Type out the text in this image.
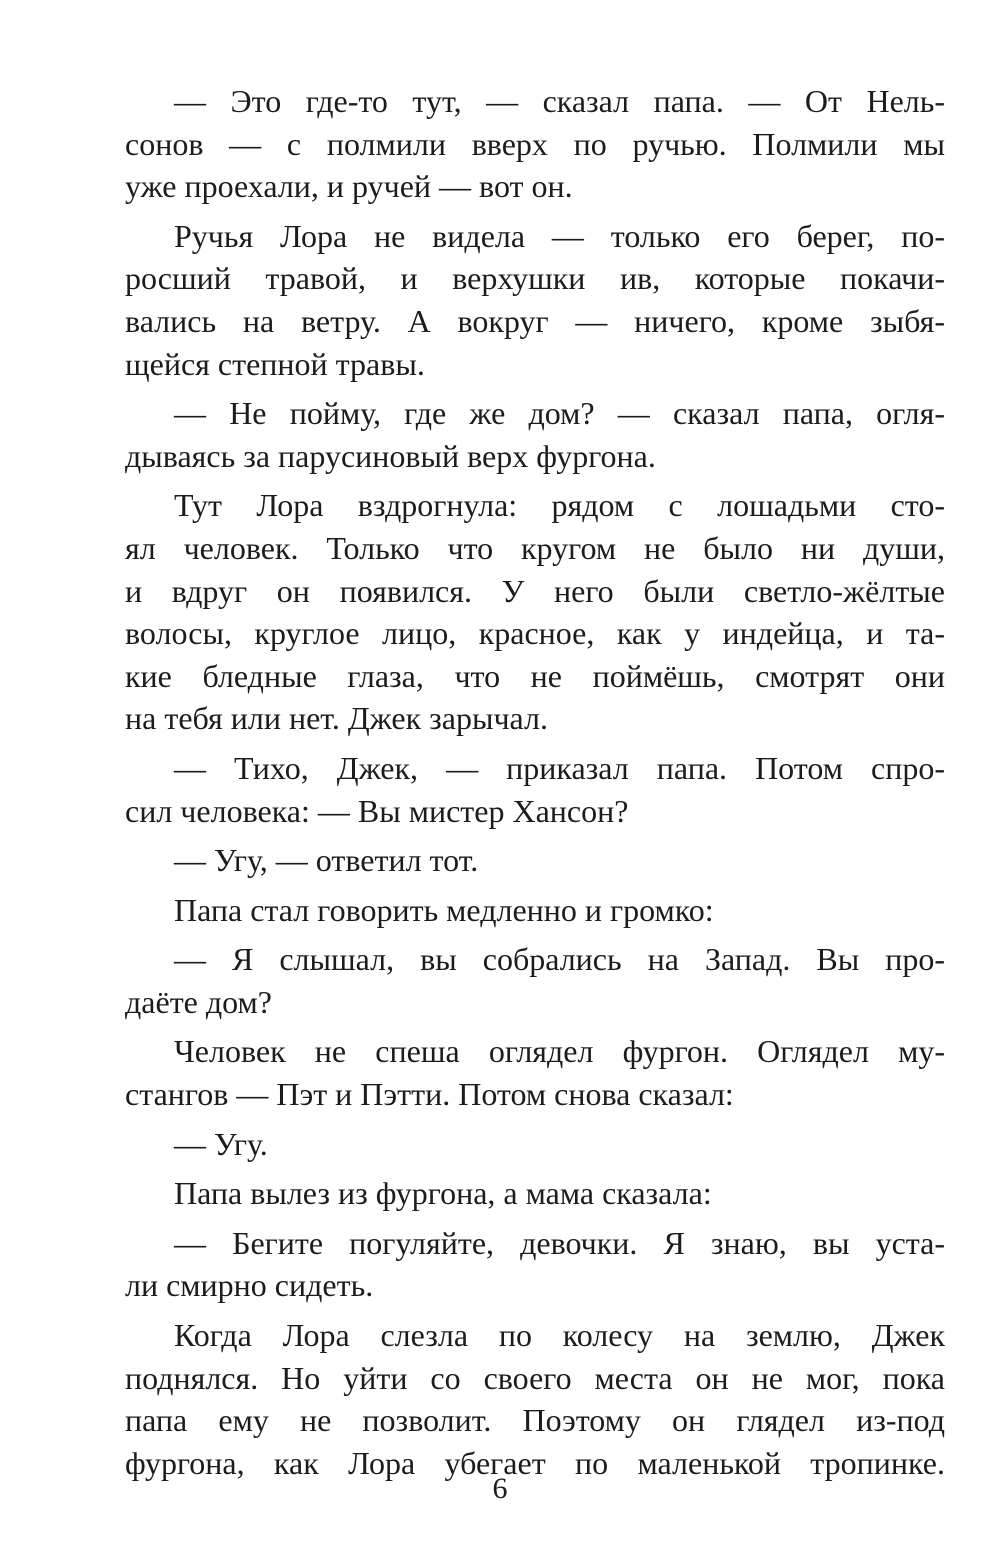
— Это где-то тут, — сказал папа. — От Нель-
сонов — с полмили вверх по ручью. Полмили мы
уже проехали, и ручей — вот он.
Ручья Лора не видела — только его берег, по-
росший травой, и верхушки ив, которые покачи-
вались на ветру. А вокруг — ничего, кроме зыбя-
щейся степной травы.
— Не пойму, где же дом? — сказал папа, огля-
дываясь за парусиновый верх фургона.
Тут Лора вздрогнула: рядом с лошадьми сто-
ял человек. Только что кругом не было ни души,
и вдруг он появился. У него были светло-жёлтые
волосы, круглое лицо, красное, как у индейца, и та-
кие бледные глаза, что не поймёшь, смотрят они
на тебя или нет. Джек зарычал.
— Тихо, Джек, — приказал папа. Потом спро-
сил человека: — Вы мистер Хансон?
— Угу, — ответил тот.
Папа стал говорить медленно и громко:
— Я слышал, вы собрались на Запад. Вы про-
даёте дом?
Человек не спеша оглядел фургон. Оглядел му-
стангов — Пэт и Пэтти. Потом снова сказал:
— Угу.
Папа вылез из фургона, а мама сказала:
— Бегите погуляйте, девочки. Я знаю, вы уста-
ли смирно сидеть.
Когда Лора слезла по колесу на землю, Джек
поднялся. Но уйти со своего места он не мог, пока
папа ему не позволит. Поэтому он глядел из-под
фургона, как Лора убегает по маленькой тропинке.
6
